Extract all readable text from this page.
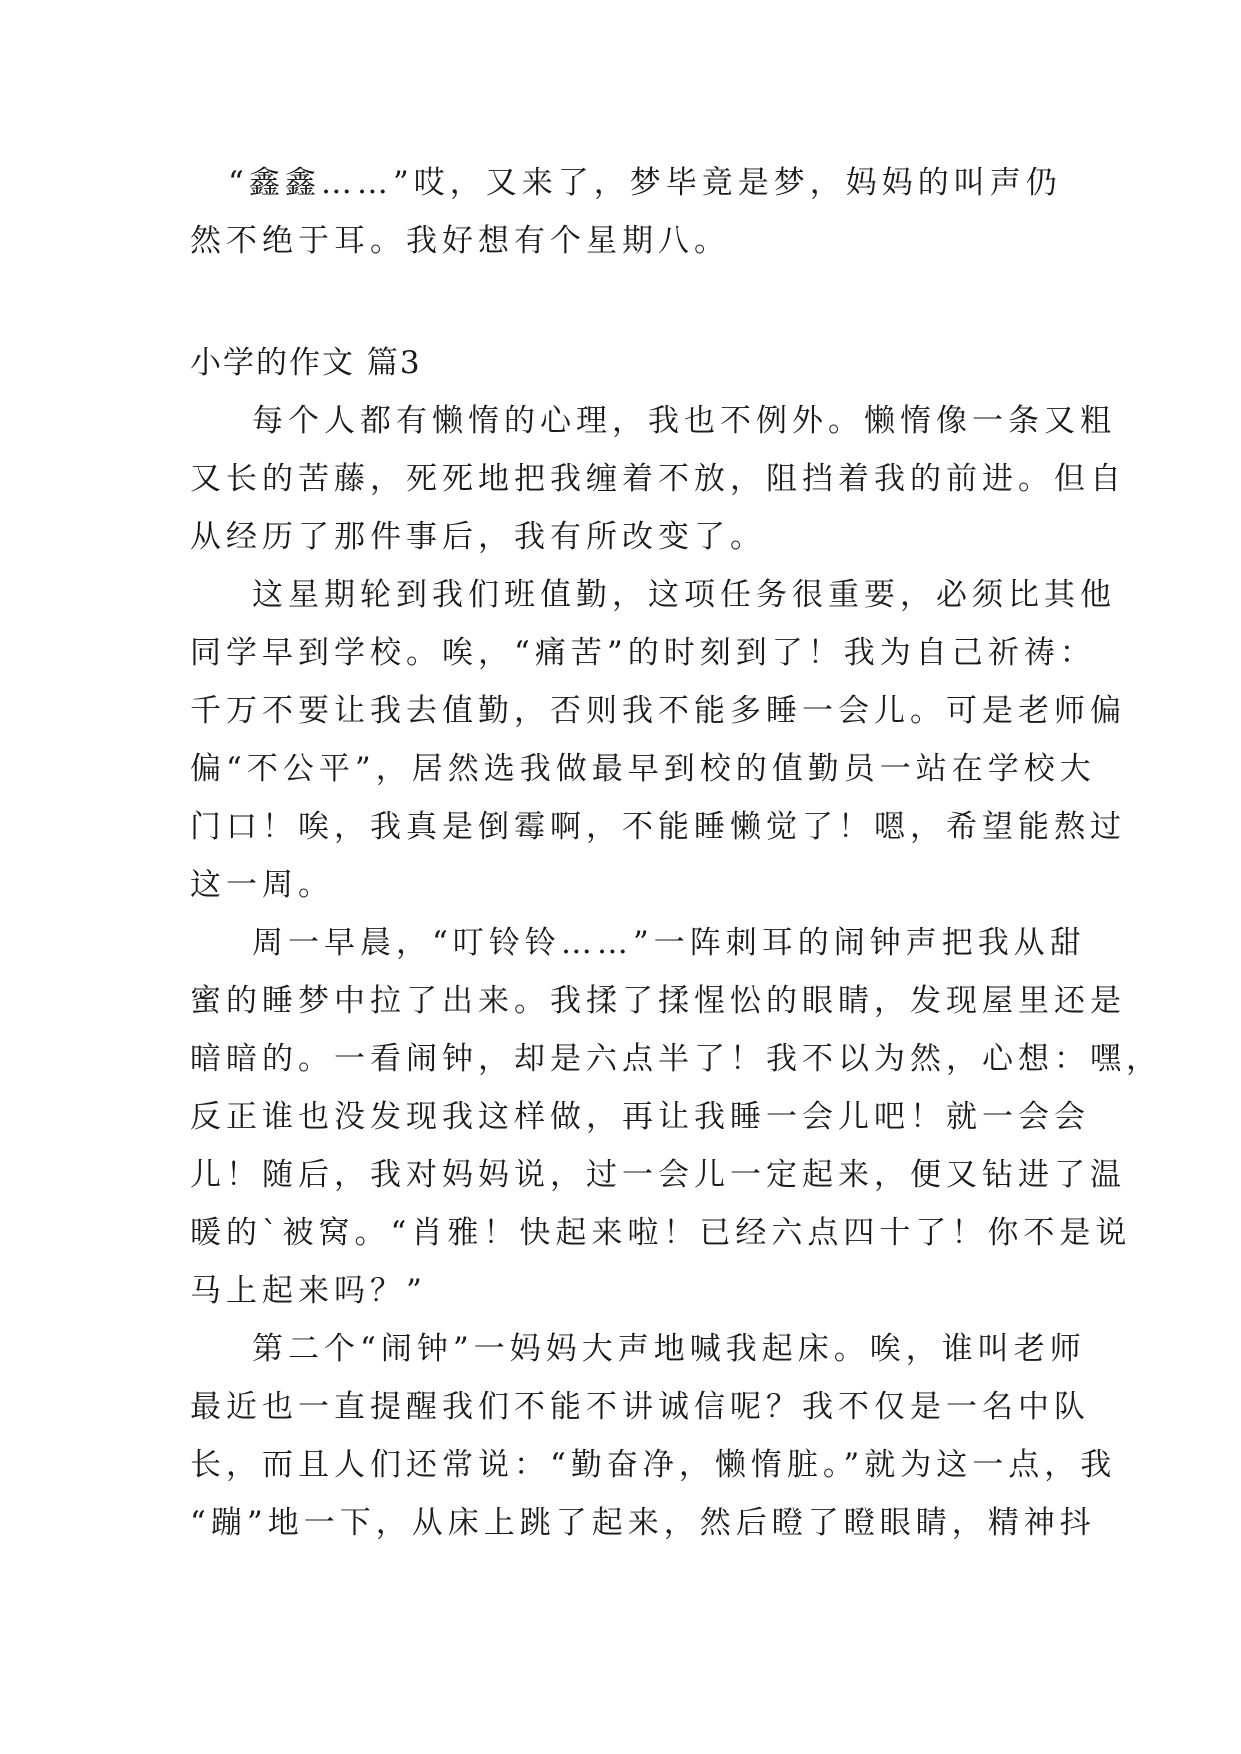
“鑫鑫……”哎，又来了，梦毕竟是梦，妈妈的叫声仍
然不绝于耳。我好想有个星期八。
小学的作文 篇3
每个人都有懒惰的心理，我也不例外。懒惰像一条又粗
又长的苦藤，死死地把我缠着不放，阻挡着我的前进。但自
从经历了那件事后，我有所改变了。
这星期轮到我们班值勤，这项任务很重要，必须比其他
同学早到学校。唉，“痛苦”的时刻到了！我为自己祈祷：
千万不要让我去值勤，否则我不能多睡一会儿。可是老师偏
偏“不公平”，居然选我做最早到校的值勤员一站在学校大
门口！唉，我真是倒霉啊，不能睡懒觉了！嗯，希望能熬过
这一周。
周一早晨，“叮铃铃……”一阵刺耳的闹钟声把我从甜
蜜的睡梦中拉了出来。我揉了揉惺忪的眼睛，发现屋里还是
暗暗的。一看闹钟，却是六点半了！我不以为然，心想：嘿，
反正谁也没发现我这样做，再让我睡一会儿吧！就一会会
儿！随后，我对妈妈说，过一会儿一定起来，便又钻进了温
暖的`被窝。“肖雅！快起来啦！已经六点四十了！你不是说
马上起来吗？”
第二个“闹钟”一妈妈大声地喊我起床。唉，谁叫老师
最近也一直提醒我们不能不讲诚信呢？我不仅是一名中队
长，而且人们还常说：“勤奋净，懒惰脏。”就为这一点，我
“蹦”地一下，从床上跳了起来，然后瞪了瞪眼睛，精神抖
